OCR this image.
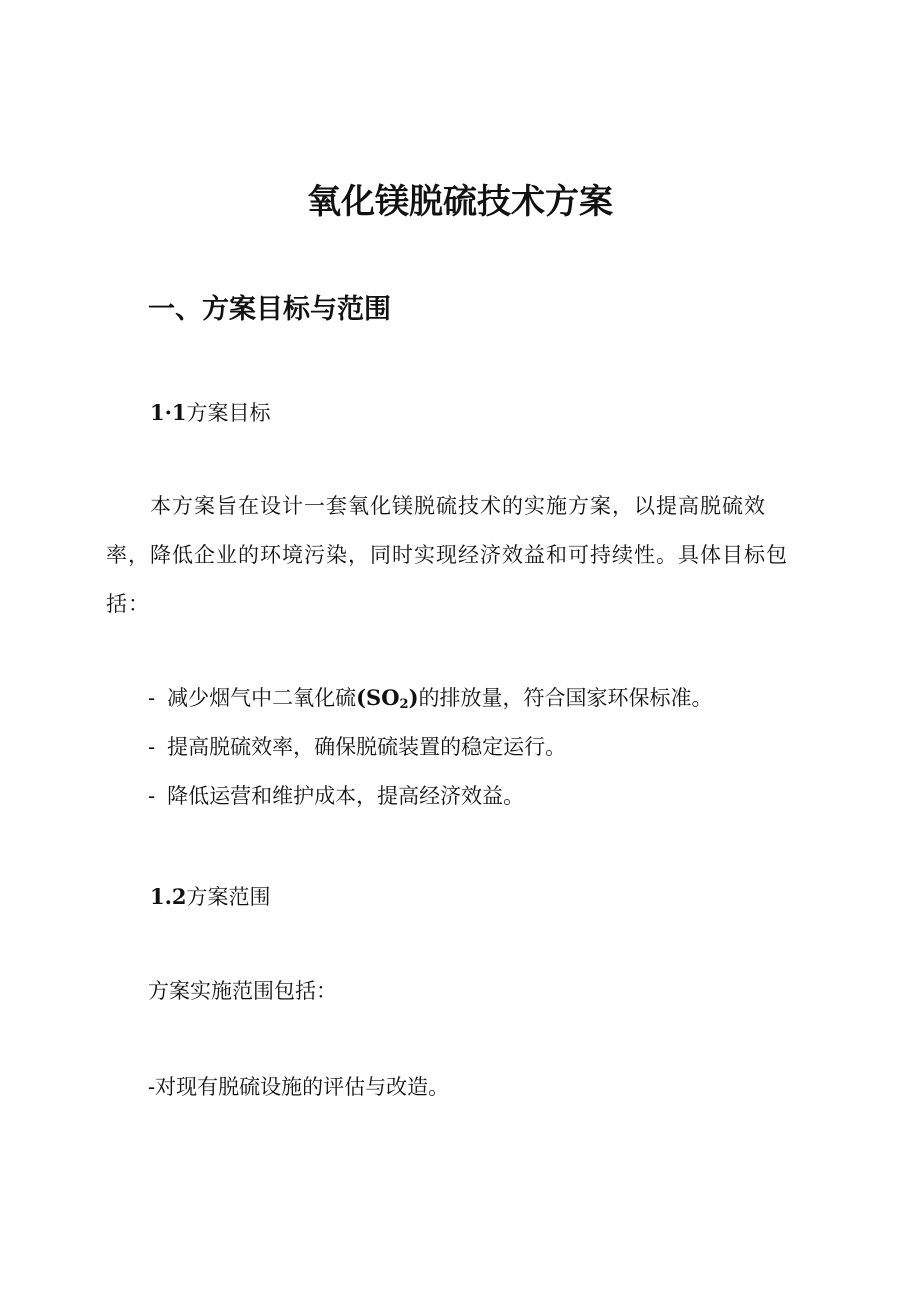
氧化镁脱硫技术方案
一、方案目标与范围
1·1方案目标

本方案旨在设计一套氧化镁脱硫技术的实施方案，以提高脱硫效率，降低企业的环境污染，同时实现经济效益和可持续性。具体目标包括：

- 减少烟气中二氧化硫$(SO_2)$的排放量，符合国家环保标准。
- 提高脱硫效率，确保脱硫装置的稳定运行。
- 降低运营和维护成本，提高经济效益。
1.2方案范围
方案实施范围包括：
-对现有脱硫设施的评估与改造。
